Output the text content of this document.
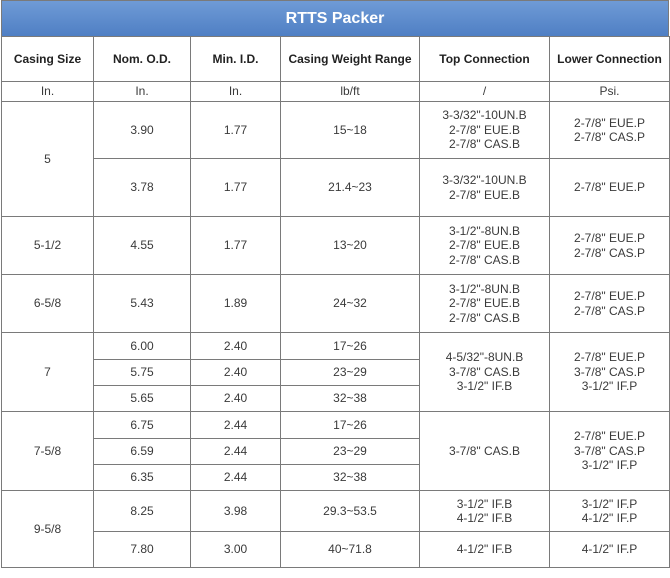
RTTS Packer
Casing Size	Nom. O.D.	Min. I.D.	Casing Weight Range	Top Connection	Lower Connection
In.	In.	In.	lb/ft	/	Psi.
5	3.90	1.77	15~18	3-3/32"-10UN.B
2-7/8" EUE.B
2-7/8" CAS.B	2-7/8" EUE.P
2-7/8" CAS.P

	3.78	1.77	21.4~23	3-3/32"-10UN.B
2-7/8" EUE.B	2-7/8" EUE.P

5-1/2	4.55	1.77	13~20	3-1/2"-8UN.B
2-7/8" EUE.B
2-7/8" CAS.B	2-7/8" EUE.P
2-7/8" CAS.P

6-5/8	5.43	1.89	24~32	3-1/2"-8UN.B
2-7/8" EUE.B
2-7/8" CAS.B	2-7/8" EUE.P
2-7/8" CAS.P

7	6.00	2.40	17~26	4-5/32"-8UN.B
3-7/8" CAS.B
3-1/2" IF.B	2-7/8" EUE.P
3-7/8" CAS.P
3-1/2" IF.P

	5.75	2.40	23~29		
	5.65	2.40	32~38		
7-5/8	6.75	2.44	17~26	3-7/8" CAS.B	2-7/8" EUE.P
3-7/8" CAS.P
3-1/2" IF.P

	6.59	2.44	23~29		
	6.35	2.44	32~38		
9-5/8	8.25	3.98	29.3~53.5	3-1/2" IF.B
4-1/2" IF.B	3-1/2" IF.P
4-1/2" IF.P

	7.80	3.00	40~71.8	4-1/2" IF.B	4-1/2" IF.P
